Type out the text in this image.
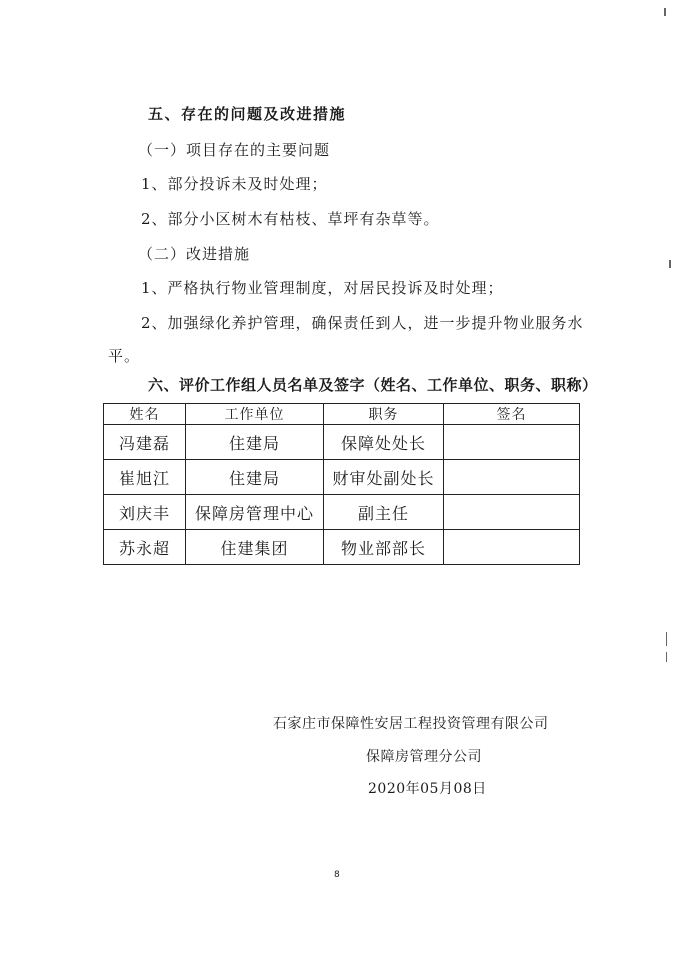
五、存在的问题及改进措施
（一）项目存在的主要问题
1、部分投诉未及时处理；
2、部分小区树木有枯枝、草坪有杂草等。
（二）改进措施
1、严格执行物业管理制度，对居民投诉及时处理；
2、加强绿化养护管理，确保责任到人，进一步提升物业服务水
平。
六、评价工作组人员名单及签字（姓名、工作单位、职务、职称）
姓名	工作单位	职务	签名
冯建磊	住建局	保障处处长	
崔旭江	住建局	财审处副处长	
刘庆丰	保障房管理中心	副主任	
苏永超	住建集团	物业部部长	
石家庄市保障性安居工程投资管理有限公司
保障房管理分公司
2020年05月08日
8
